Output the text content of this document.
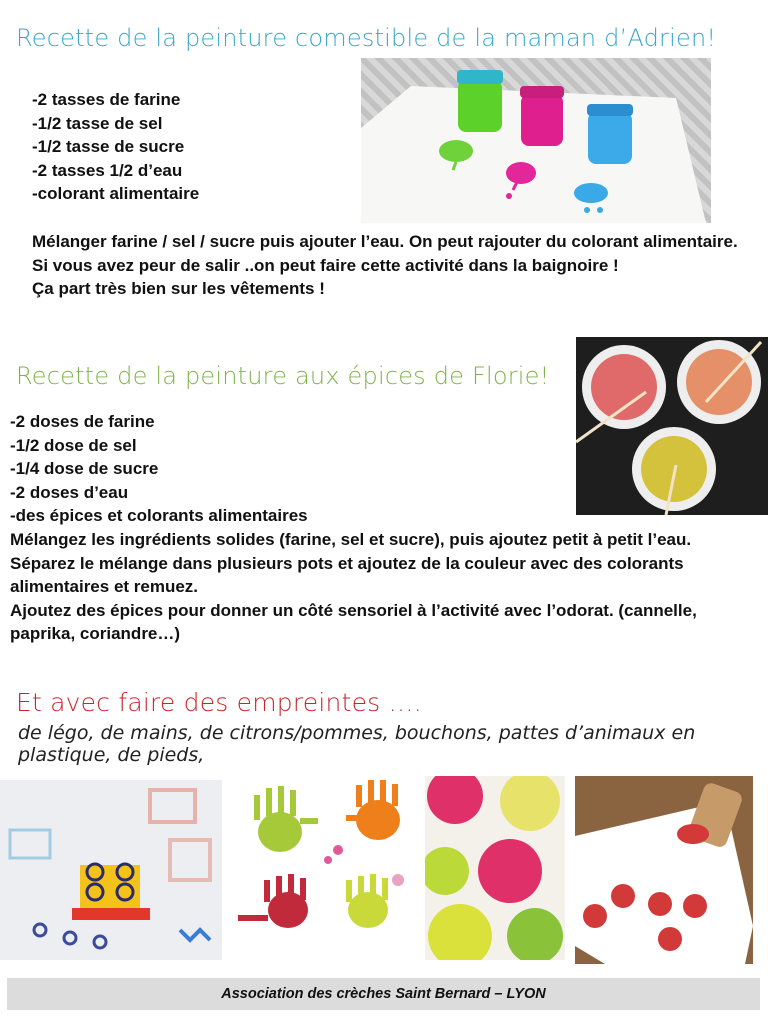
Recette de la peinture comestible de la maman d’Adrien!
-2 tasses de farine
-1/2 tasse de sel
-1/2 tasse de sucre
-2 tasses 1/2 d’eau
-colorant alimentaire
Mélanger farine / sel / sucre puis ajouter l’eau. On peut rajouter du colorant alimentaire.
Si vous avez peur de salir ..on peut faire cette activité dans la baignoire !
Ça part très bien sur les vêtements !
Recette de la peinture aux épices de Florie!
-2 doses de farine
-1/2 dose de sel
-1/4 dose de sucre
-2 doses d’eau
-des épices et colorants alimentaires
Mélangez les ingrédients solides (farine, sel et sucre), puis ajoutez petit à petit l’eau. Séparez le mélange dans plusieurs pots et ajoutez de la couleur avec des colorants alimentaires et remuez.
Ajoutez des épices pour donner un côté sensoriel à l’activité avec l’odorat. (cannelle, paprika, coriandre…)
Et avec faire des empreintes ….
de légo, de mains, de citrons/pommes, bouchons, pattes d’animaux en plastique, de pieds,
Association des crèches Saint Bernard – LYON
